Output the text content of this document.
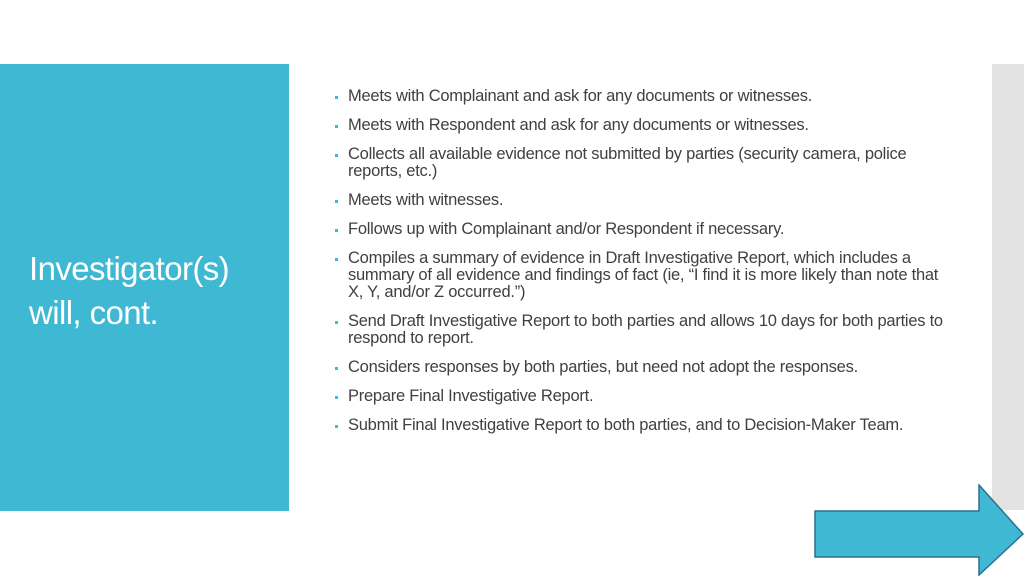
Investigator(s) will, cont.
Meets with Complainant and ask for any documents or witnesses.
Meets with Respondent and ask for any documents or witnesses.
Collects all available evidence not submitted by parties (security camera, police reports, etc.)
Meets with witnesses.
Follows up with Complainant and/or Respondent if necessary.
Compiles a summary of evidence in Draft Investigative Report, which includes a summary of all evidence and findings of fact (ie, “I find it is more likely than note that X, Y, and/or Z occurred.”)
Send Draft Investigative Report to both parties and allows 10 days for both parties to respond to report.
Considers responses by both parties, but need not adopt the responses.
Prepare Final Investigative Report.
Submit Final Investigative Report to both parties, and to Decision-Maker Team.
